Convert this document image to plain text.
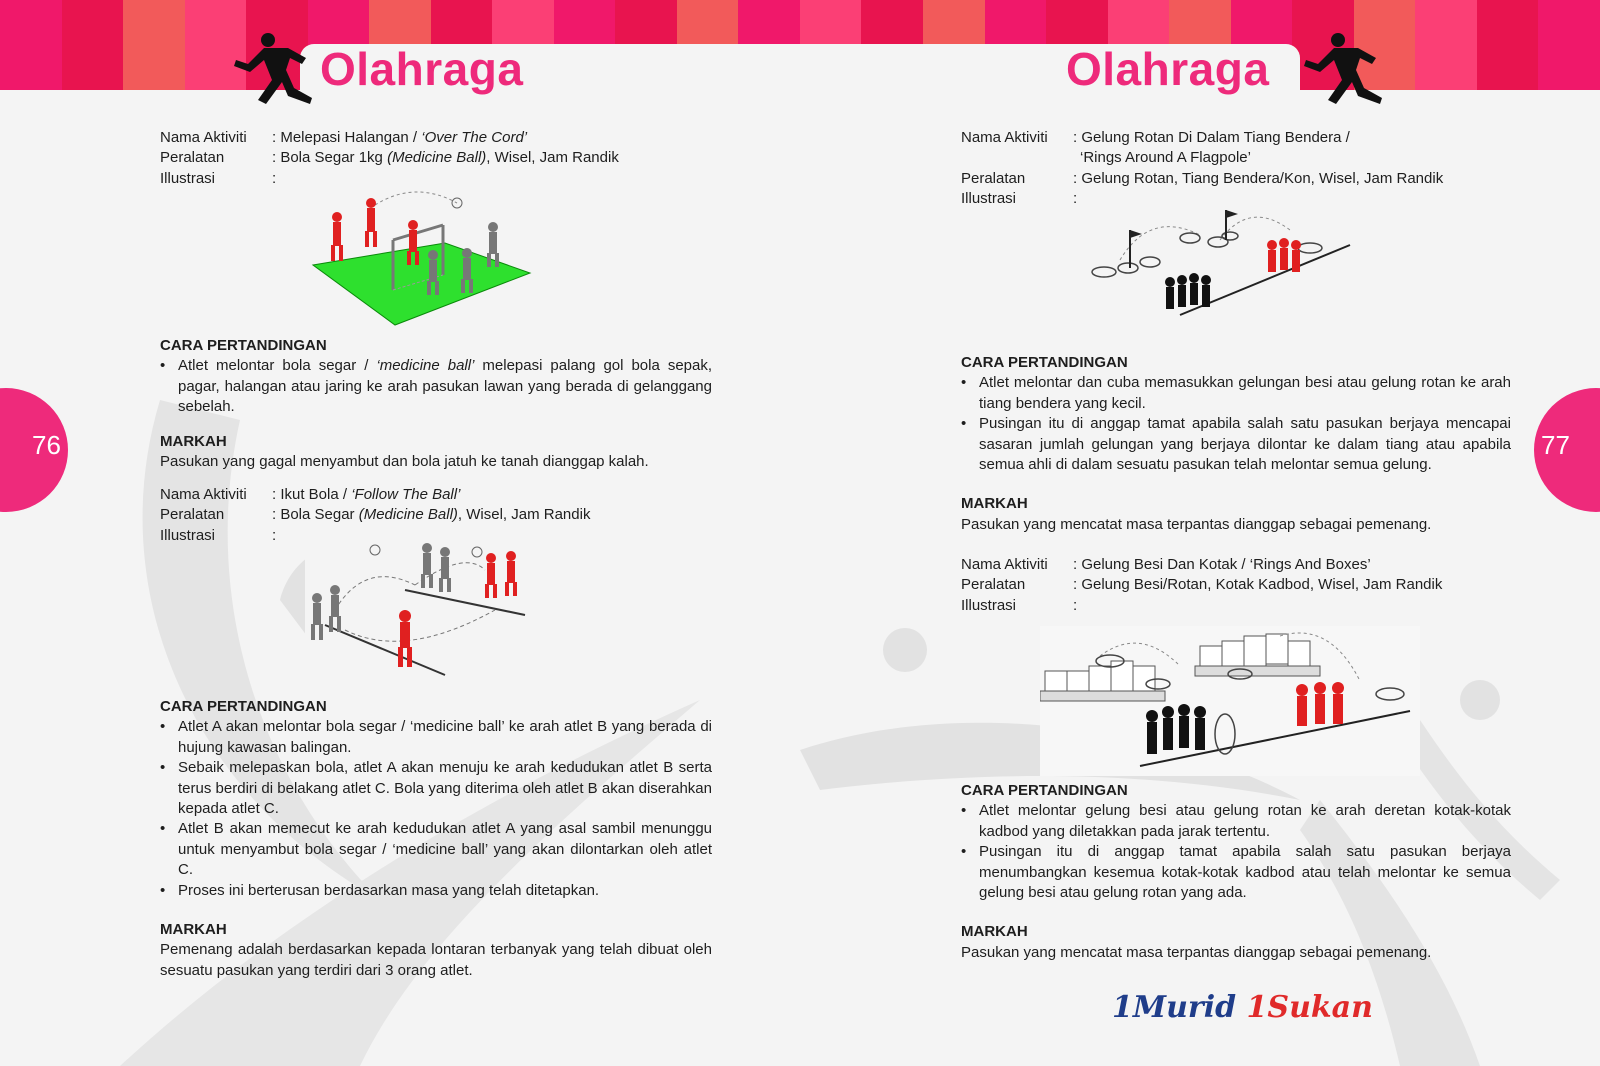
Olahraga	Olahraga
76	77
Nama Aktiviti	: Melepasi Halangan / ‘Over The Cord’
Peralatan	: Bola Segar 1kg (Medicine Ball), Wisel, Jam Randik
Illustrasi	:
CARA PERTANDINGAN
• Atlet melontar bola segar / ‘medicine ball’ melepasi palang gol bola sepak, pagar, halangan atau jaring ke arah pasukan lawan yang berada di gelanggang sebelah.
MARKAH
Pasukan yang gagal menyambut dan bola jatuh ke tanah dianggap kalah.
Nama Aktiviti	: Ikut Bola / ‘Follow The Ball’
Peralatan	: Bola Segar (Medicine Ball), Wisel, Jam Randik
Illustrasi	:
CARA PERTANDINGAN
• Atlet A akan melontar bola segar / ‘medicine ball’ ke arah atlet B yang berada di hujung kawasan balingan.
• Sebaik melepaskan bola, atlet A akan menuju ke arah kedudukan atlet B serta terus berdiri di belakang atlet C. Bola yang diterima oleh atlet B akan diserahkan kepada atlet C.
• Atlet B akan memecut ke arah kedudukan atlet A yang asal sambil menunggu untuk menyambut bola segar / ‘medicine ball’ yang akan dilontarkan oleh atlet C.
• Proses ini berterusan berdasarkan masa yang telah ditetapkan.
MARKAH
Pemenang adalah berdasarkan kepada lontaran terbanyak yang telah dibuat oleh sesuatu pasukan yang terdiri dari 3 orang atlet.
Nama Aktiviti	: Gelung Rotan Di Dalam Tiang Bendera /
‘Rings Around A Flagpole’
Peralatan	: Gelung Rotan, Tiang Bendera/Kon, Wisel, Jam Randik
Illustrasi	:
CARA PERTANDINGAN
• Atlet melontar dan cuba memasukkan gelungan besi atau gelung rotan ke arah tiang bendera yang kecil.
• Pusingan itu di anggap tamat apabila salah satu pasukan berjaya mencapai sasaran jumlah gelungan yang berjaya dilontar ke dalam tiang atau apabila semua ahli di dalam sesuatu pasukan telah melontar semua gelung.
MARKAH
Pasukan yang mencatat masa terpantas dianggap sebagai pemenang.
Nama Aktiviti	: Gelung Besi Dan Kotak / ‘Rings And Boxes’
Peralatan	: Gelung Besi/Rotan, Kotak Kadbod, Wisel, Jam Randik
Illustrasi	:
CARA PERTANDINGAN
• Atlet melontar gelung besi atau gelung rotan ke arah deretan kotak-kotak kadbod yang diletakkan pada jarak tertentu.
• Pusingan itu di anggap tamat apabila salah satu pasukan berjaya menumbangkan kesemua kotak-kotak kadbod atau telah melontar ke semua gelung besi atau gelung rotan yang ada.
MARKAH
Pasukan yang mencatat masa terpantas dianggap sebagai pemenang.
1Murid 1Sukan
